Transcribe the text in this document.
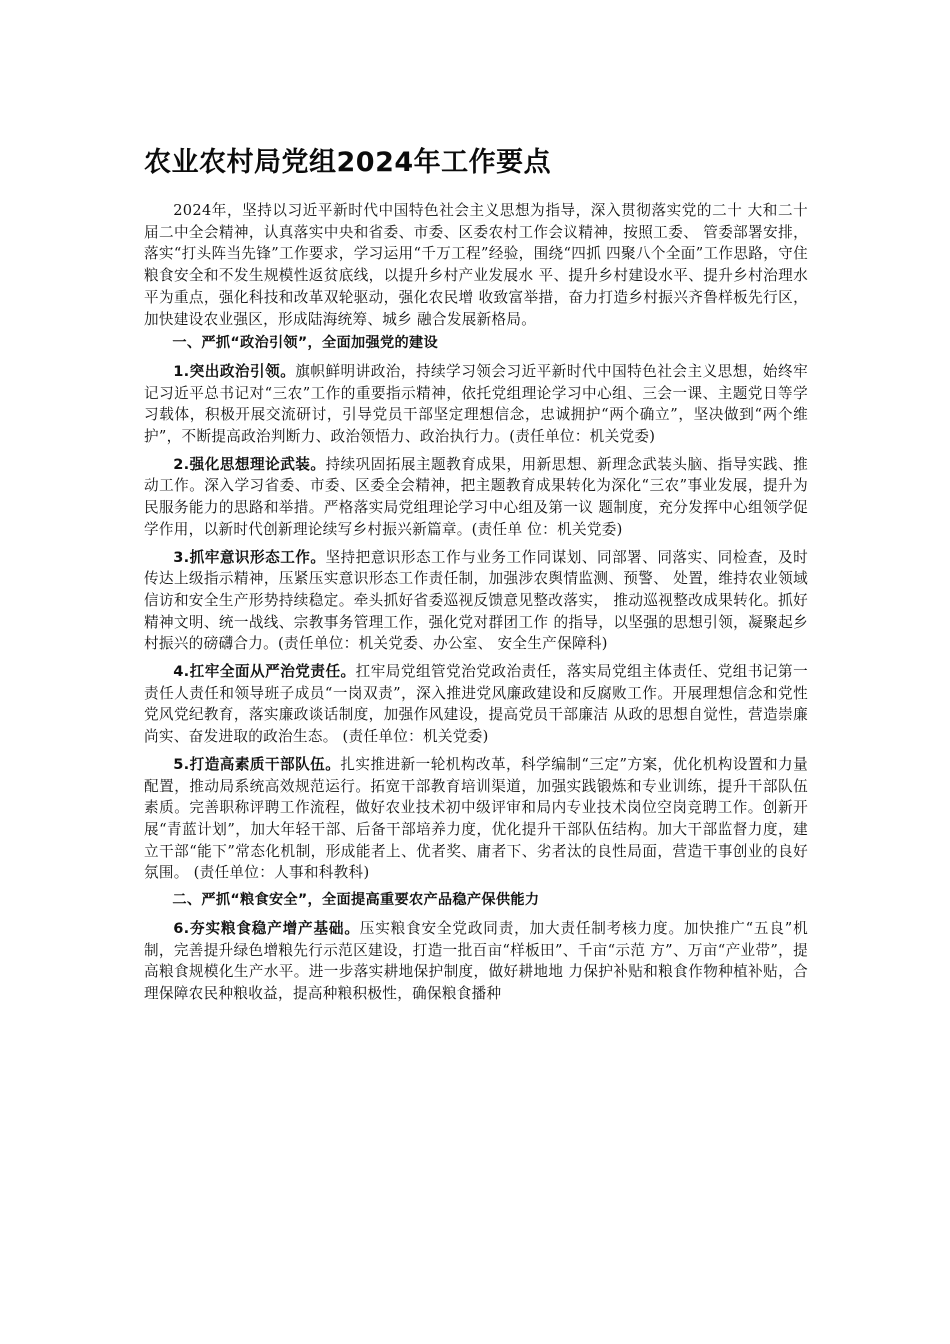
农业农村局党组2024年工作要点

2024年，坚持以习近平新时代中国特色社会主义思想为指导，深入贯彻落实党的二十 大和二十届二中全会精神，认真落实中央和省委、市委、区委农村工作会议精神，按照工委、 管委部署安排，落实“打头阵当先锋”工作要求，学习运用“千万工程”经验，围绕“四抓 四聚八个全面”工作思路，守住粮食安全和不发生规模性返贫底线，以提升乡村产业发展水 平、提升乡村建设水平、提升乡村治理水平为重点，强化科技和改革双轮驱动，强化农民增 收致富举措，奋力打造乡村振兴齐鲁样板先行区，加快建设农业强区，形成陆海统筹、城乡 融合发展新格局。

一、严抓“政治引领”，全面加强党的建设

1.突出政治引领。旗帜鲜明讲政治，持续学习领会习近平新时代中国特色社会主义思想，始终牢记习近平总书记对“三农”工作的重要指示精神，依托党组理论学习中心组、三会一课、主题党日等学习载体，积极开展交流研讨，引导党员干部坚定理想信念，忠诚拥护“两个确立”，坚决做到“两个维护”，不断提高政治判断力、政治领悟力、政治执行力。(责任单位：机关党委)

2.强化思想理论武装。持续巩固拓展主题教育成果，用新思想、新理念武装头脑、指导实践、推动工作。深入学习省委、市委、区委全会精神，把主题教育成果转化为深化“三农”事业发展，提升为民服务能力的思路和举措。严格落实局党组理论学习中心组及第一议 题制度，充分发挥中心组领学促学作用，以新时代创新理论续写乡村振兴新篇章。(责任单 位：机关党委)

3.抓牢意识形态工作。坚持把意识形态工作与业务工作同谋划、同部署、同落实、同检查，及时传达上级指示精神，压紧压实意识形态工作责任制，加强涉农舆情监测、预警、 处置，维持农业领域信访和安全生产形势持续稳定。牵头抓好省委巡视反馈意见整改落实， 推动巡视整改成果转化。抓好精神文明、统一战线、宗教事务管理工作，强化党对群团工作 的指导，以坚强的思想引领，凝聚起乡村振兴的磅礴合力。(责任单位：机关党委、办公室、 安全生产保障科)

4.扛牢全面从严治党责任。扛牢局党组管党治党政治责任，落实局党组主体责任、党组书记第一责任人责任和领导班子成员“一岗双责”，深入推进党风廉政建设和反腐败工作。开展理想信念和党性党风党纪教育，落实廉政谈话制度，加强作风建设，提高党员干部廉洁 从政的思想自觉性，营造崇廉尚实、奋发进取的政治生态。 (责任单位：机关党委)

5.打造高素质干部队伍。扎实推进新一轮机构改革，科学编制“三定”方案，优化机构设置和力量配置，推动局系统高效规范运行。拓宽干部教育培训渠道，加强实践锻炼和专业训练，提升干部队伍素质。完善职称评聘工作流程，做好农业技术初中级评审和局内专业技术岗位空岗竞聘工作。创新开展“青蓝计划”，加大年轻干部、后备干部培养力度，优化提升干部队伍结构。加大干部监督力度，建立干部“能下”常态化机制，形成能者上、优者奖、庸者下、劣者汰的良性局面，营造干事创业的良好氛围。 (责任单位：人事和科教科)

二、严抓“粮食安全”，全面提高重要农产品稳产保供能力

6.夯实粮食稳产增产基础。压实粮食安全党政同责，加大责任制考核力度。加快推广“五良”机制，完善提升绿色增粮先行示范区建设，打造一批百亩“样板田”、千亩“示范 方”、万亩“产业带”，提高粮食规模化生产水平。进一步落实耕地保护制度，做好耕地地 力保护补贴和粮食作物种植补贴，合理保障农民种粮收益，提高种粮积极性，确保粮食播种
